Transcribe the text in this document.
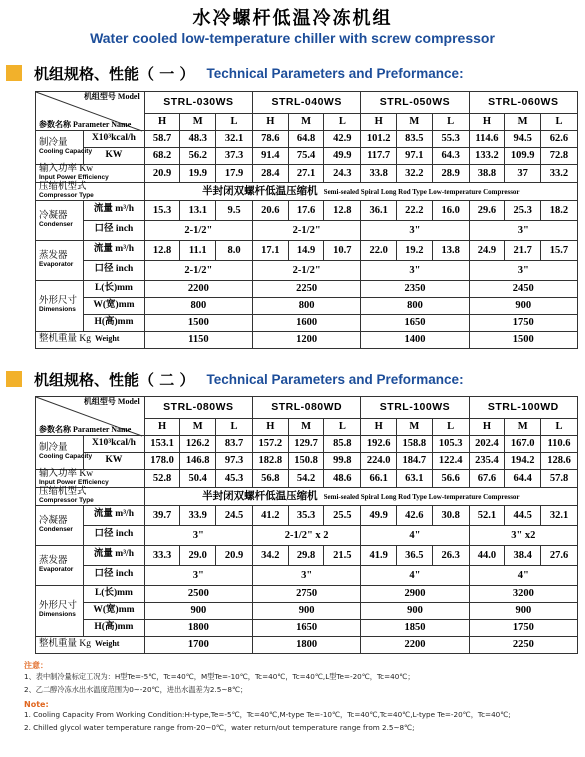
水冷螺杆低温冷冻机组
Water cooled low-temperature chiller with screw compressor
机组规格、性能（ 一 ） Technical Parameters and Preformance:
机组型号 Model
参数名称 Parameter Name		STRL-030WS			STRL-040WS			STRL-050WS			STRL-060WS		
		H	M	L	H	M	L	H	M	L	H	M	L
制冷量
Cooling Capacity	X10³kcal/h	58.7	48.3	32.1	78.6	64.8	42.9	101.2	83.5	55.3	114.6	94.5	62.6
	KW	68.2	56.2	37.3	91.4	75.4	49.9	117.7	97.1	64.3	133.2	109.9	72.8
输入功率 Kw
Input Power Efficiency		20.9	19.9	17.9	28.4	27.1	24.3	33.8	32.2	28.9	38.8	37	33.2
压缩机型式
Compressor Type		半封闭双螺杆低温压缩机 Semi-sealed Spiral Long Rod Type Low-temperature Compressor											
冷凝器
Condenser	流量 m³/h	15.3	13.1	9.5	20.6	17.6	12.8	36.1	22.2	16.0	29.6	25.3	18.2
	口径 inch	2-1/2"			2-1/2"			3"			3"		
蒸发器
Evaporator	流量 m³/h	12.8	11.1	8.0	17.1	14.9	10.7	22.0	19.2	13.8	24.9	21.7	15.7
	口径 inch	2-1/2"			2-1/2"			3"			3"		
外形尺寸
Dimensions	L(长)mm	2200			2250			2350			2450		
	W(宽)mm	800			800			800			900		
	H(高)mm	1500			1600			1650			1750		
整机重量 Kg Weight		1150			1200			1400			1500		
机组规格、性能（ 二 ） Technical Parameters and Preformance:
机组型号 Model
参数名称 Parameter Name		STRL-080WS			STRL-080WD			STRL-100WS			STRL-100WD		
		H	M	L	H	M	L	H	M	L	H	M	L
制冷量
Cooling Capacity	X10³kcal/h	153.1	126.2	83.7	157.2	129.7	85.8	192.6	158.8	105.3	202.4	167.0	110.6
	KW	178.0	146.8	97.3	182.8	150.8	99.8	224.0	184.7	122.4	235.4	194.2	128.6
输入功率 Kw
Input Power Efficiency		52.8	50.4	45.3	56.8	54.2	48.6	66.1	63.1	56.6	67.6	64.4	57.8
压缩机型式
Compressor Type		半封闭双螺杆低温压缩机 Semi-sealed Spiral Long Rod Type Low-temperature Compressor											
冷凝器
Condenser	流量 m³/h	39.7	33.9	24.5	41.2	35.3	25.5	49.9	42.6	30.8	52.1	44.5	32.1
	口径 inch	3"			2-1/2" x 2			4"			3" x2		
蒸发器
Evaporator	流量 m³/h	33.3	29.0	20.9	34.2	29.8	21.5	41.9	36.5	26.3	44.0	38.4	27.6
	口径 inch	3"			3"			4"			4"		
外形尺寸
Dimensions	L(长)mm	2500			2750			2900			3200		
	W(宽)mm	900			900			900			900		
	H(高)mm	1800			1650			1850			1750		
整机重量 Kg Weight		1700			1800			2200			2250		
注意：
1、表中制冷量标定工况为：H型Te=-5℃，Tc=40℃，M型Te=-10℃，Tc=40℃，Tc=40℃,L型Te=-20℃，Tc=40℃；
2、乙二醇冷冻水出水温度范围为0~-20℃，进出水温差为2.5~8℃；
Note:
1. Cooling Capacity From Working Condition:H-type,Te=-5℃，Tc=40℃,M-type Te=-10℃，Tc=40℃,Tc=40℃,L-type Te=-20℃，Tc=40℃;
2. Chilled glycol water temperature range from-20~0℃，water return/out temperature range from 2.5~8℃;
